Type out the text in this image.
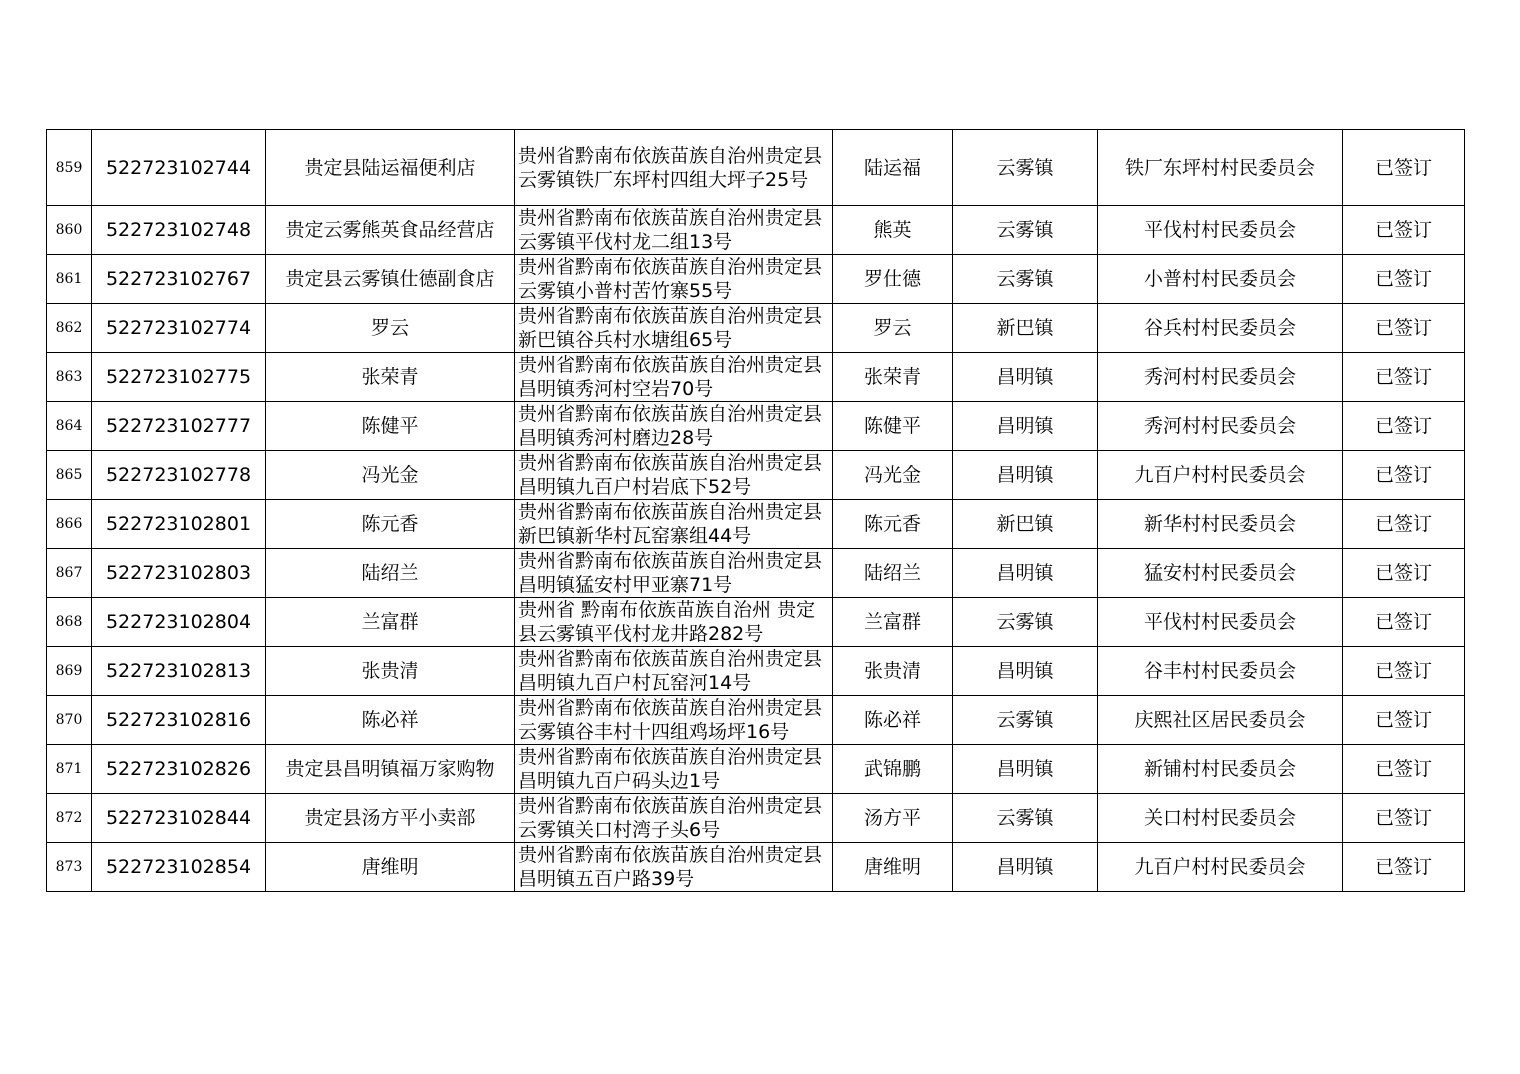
859	522723102744	贵定县陆运福便利店	贵州省黔南布依族苗族自治州贵定县云雾镇铁厂东坪村四组大坪子25号	陆运福	云雾镇	铁厂东坪村村民委员会	已签订
860	522723102748	贵定云雾熊英食品经营店	贵州省黔南布依族苗族自治州贵定县云雾镇平伐村龙二组13号	熊英	云雾镇	平伐村村民委员会	已签订
861	522723102767	贵定县云雾镇仕德副食店	贵州省黔南布依族苗族自治州贵定县云雾镇小普村苦竹寨55号	罗仕德	云雾镇	小普村村民委员会	已签订
862	522723102774	罗云	贵州省黔南布依族苗族自治州贵定县新巴镇谷兵村水塘组65号	罗云	新巴镇	谷兵村村民委员会	已签订
863	522723102775	张荣青	贵州省黔南布依族苗族自治州贵定县昌明镇秀河村空岩70号	张荣青	昌明镇	秀河村村民委员会	已签订
864	522723102777	陈健平	贵州省黔南布依族苗族自治州贵定县昌明镇秀河村磨边28号	陈健平	昌明镇	秀河村村民委员会	已签订
865	522723102778	冯光金	贵州省黔南布依族苗族自治州贵定县昌明镇九百户村岩底下52号	冯光金	昌明镇	九百户村村民委员会	已签订
866	522723102801	陈元香	贵州省黔南布依族苗族自治州贵定县新巴镇新华村瓦窑寨组44号	陈元香	新巴镇	新华村村民委员会	已签订
867	522723102803	陆绍兰	贵州省黔南布依族苗族自治州贵定县昌明镇猛安村甲亚寨71号	陆绍兰	昌明镇	猛安村村民委员会	已签订
868	522723102804	兰富群	贵州省 黔南布依族苗族自治州 贵定县云雾镇平伐村龙井路282号	兰富群	云雾镇	平伐村村民委员会	已签订
869	522723102813	张贵清	贵州省黔南布依族苗族自治州贵定县昌明镇九百户村瓦窑河14号	张贵清	昌明镇	谷丰村村民委员会	已签订
870	522723102816	陈必祥	贵州省黔南布依族苗族自治州贵定县云雾镇谷丰村十四组鸡场坪16号	陈必祥	云雾镇	庆熙社区居民委员会	已签订
871	522723102826	贵定县昌明镇福万家购物	贵州省黔南布依族苗族自治州贵定县昌明镇九百户码头边1号	武锦鹏	昌明镇	新铺村村民委员会	已签订
872	522723102844	贵定县汤方平小卖部	贵州省黔南布依族苗族自治州贵定县云雾镇关口村湾子头6号	汤方平	云雾镇	关口村村民委员会	已签订
873	522723102854	唐维明	贵州省黔南布依族苗族自治州贵定县昌明镇五百户路39号	唐维明	昌明镇	九百户村村民委员会	已签订
